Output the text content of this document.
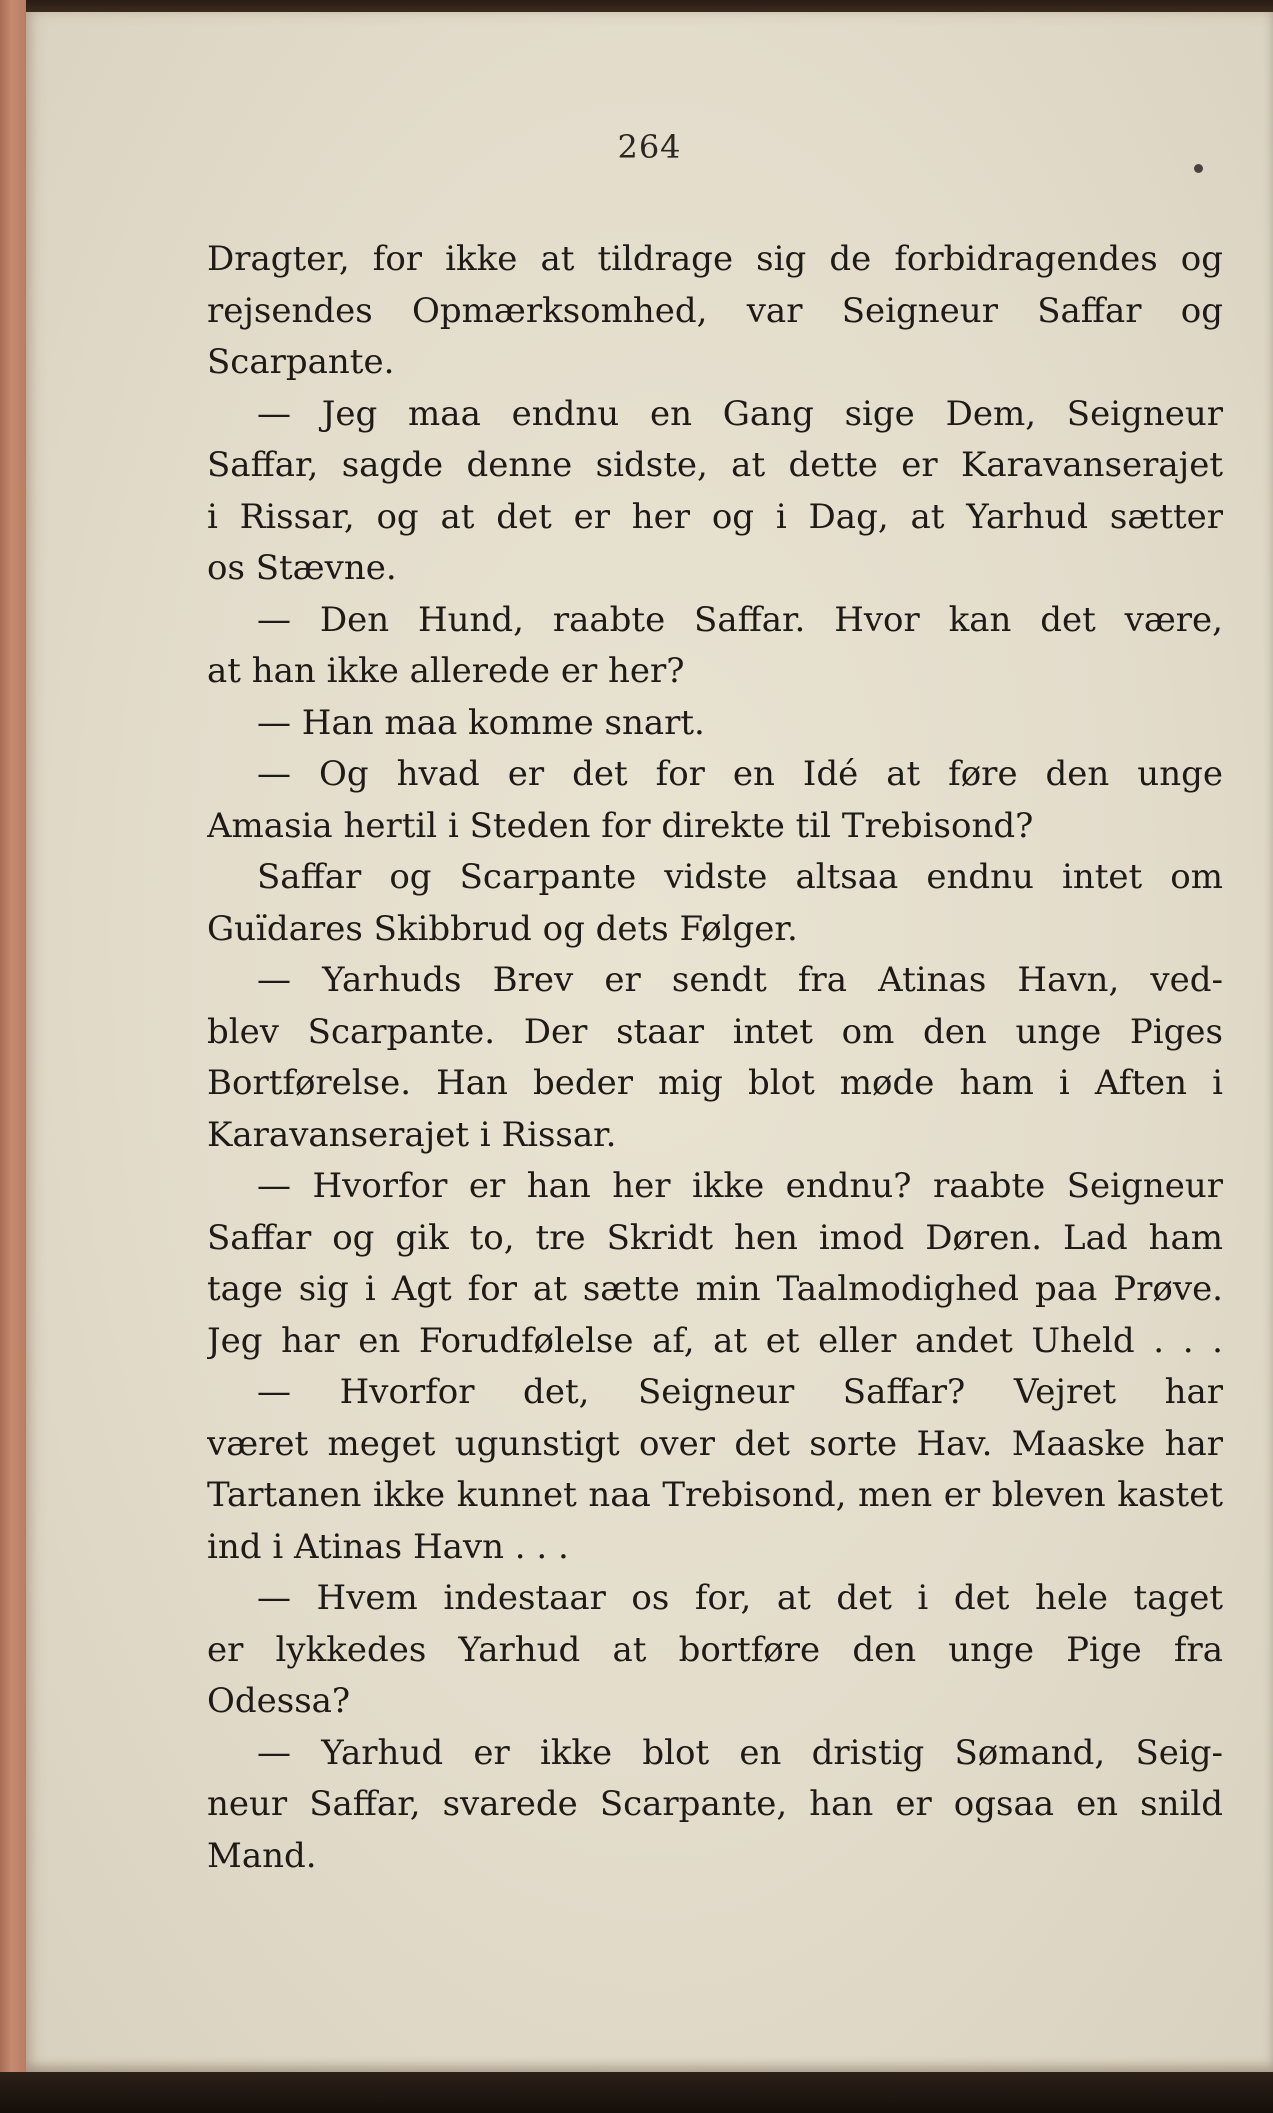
264
Dragter, for ikke at tildrage sig de forbidragendes og
rejsendes Opmærksomhed, var Seigneur Saffar og
Scarpante.
— Jeg maa endnu en Gang sige Dem, Seigneur
Saffar, sagde denne sidste, at dette er Karavanserajet
i Rissar, og at det er her og i Dag, at Yarhud sætter
os Stævne.
— Den Hund, raabte Saffar. Hvor kan det være,
at han ikke allerede er her?
— Han maa komme snart.
— Og hvad er det for en Idé at føre den unge
Amasia hertil i Steden for direkte til Trebisond?
Saffar og Scarpante vidste altsaa endnu intet om
Guïdares Skibbrud og dets Følger.
— Yarhuds Brev er sendt fra Atinas Havn, ved-
blev Scarpante. Der staar intet om den unge Piges
Bortførelse. Han beder mig blot møde ham i Aften i
Karavanserajet i Rissar.
— Hvorfor er han her ikke endnu? raabte Seigneur
Saffar og gik to, tre Skridt hen imod Døren. Lad ham
tage sig i Agt for at sætte min Taalmodighed paa Prøve.
Jeg har en Forudfølelse af, at et eller andet Uheld . . .
— Hvorfor det, Seigneur Saffar? Vejret har
været meget ugunstigt over det sorte Hav. Maaske har
Tartanen ikke kunnet naa Trebisond, men er bleven kastet
ind i Atinas Havn . . .
— Hvem indestaar os for, at det i det hele taget
er lykkedes Yarhud at bortføre den unge Pige fra
Odessa?
— Yarhud er ikke blot en dristig Sømand, Seig-
neur Saffar, svarede Scarpante, han er ogsaa en snild
Mand.
